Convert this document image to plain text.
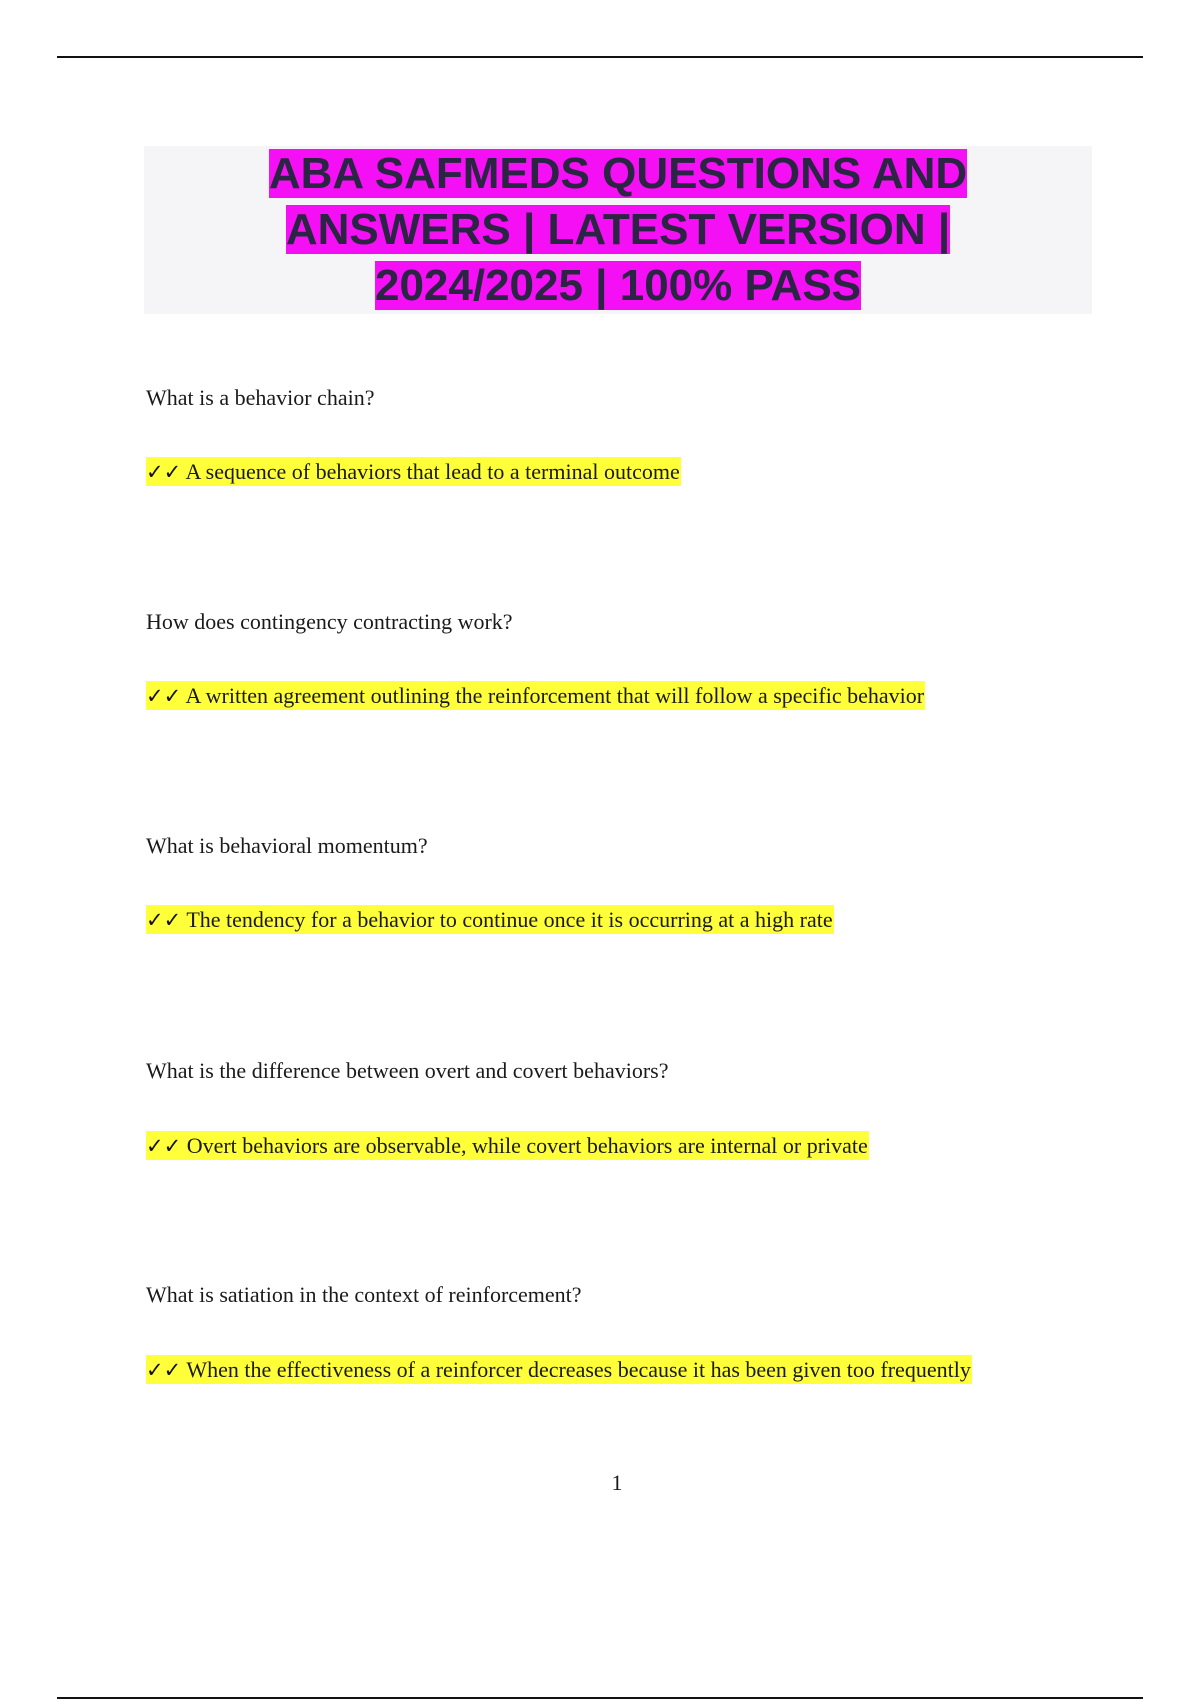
ABA SAFMEDS QUESTIONS AND ANSWERS | LATEST VERSION | 2024/2025 | 100% PASS

What is a behavior chain?

✓✓ A sequence of behaviors that lead to a terminal outcome

How does contingency contracting work?

✓✓ A written agreement outlining the reinforcement that will follow a specific behavior

What is behavioral momentum?

✓✓ The tendency for a behavior to continue once it is occurring at a high rate

What is the difference between overt and covert behaviors?

✓✓ Overt behaviors are observable, while covert behaviors are internal or private

What is satiation in the context of reinforcement?

✓✓ When the effectiveness of a reinforcer decreases because it has been given too frequently

1
